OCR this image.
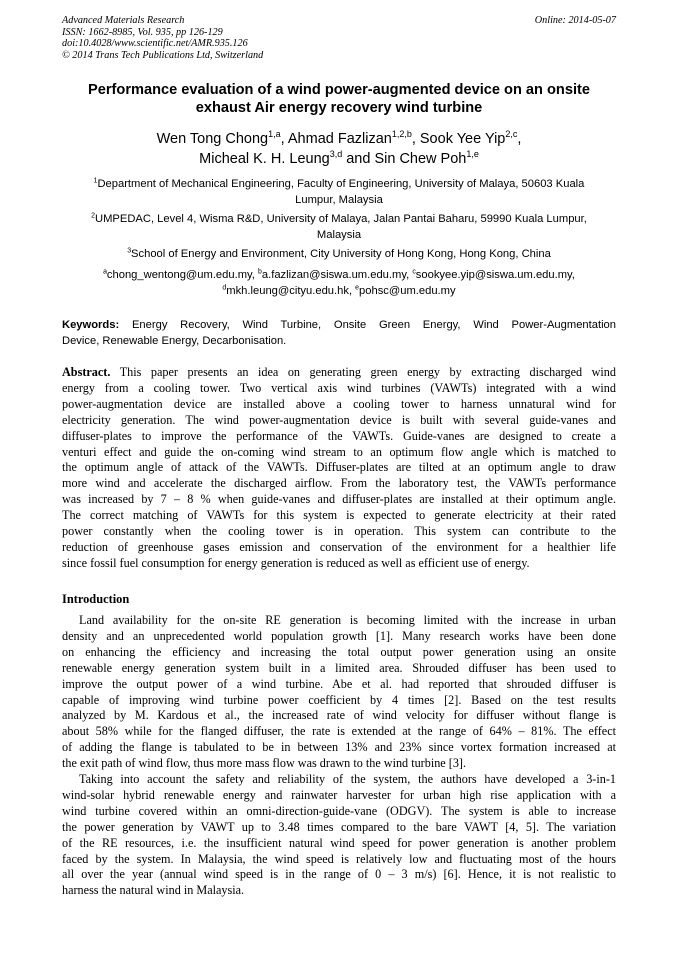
Advanced Materials Research
ISSN: 1662-8985, Vol. 935, pp 126-129
doi:10.4028/www.scientific.net/AMR.935.126
© 2014 Trans Tech Publications Ltd, Switzerland
Online: 2014-05-07
Performance evaluation of a wind power-augmented device on an onsite
exhaust Air energy recovery wind turbine
Wen Tong Chong$^{1,a}$, Ahmad Fazlizan$^{1,2,b}$, Sook Yee Yip$^{2,c}$,
Micheal K. H. Leung$^{3,d}$ and Sin Chew Poh$^{1,e}$
$^1$Department of Mechanical Engineering, Faculty of Engineering, University of Malaya, 50603 Kuala
Lumpur, Malaysia
$^2$UMPEDAC, Level 4, Wisma R&D, University of Malaya, Jalan Pantai Baharu, 59990 Kuala Lumpur,
Malaysia
$^3$School of Energy and Environment, City University of Hong Kong, Hong Kong, China
$^a$chong_wentong@um.edu.my, $^b$a.fazlizan@siswa.um.edu.my, $^c$sookyee.yip@siswa.um.edu.my,
$^d$mkh.leung@cityu.edu.hk, $^e$pohsc@um.edu.my
Keywords: Energy Recovery, Wind Turbine, Onsite Green Energy, Wind Power-Augmentation
Device, Renewable Energy, Decarbonisation.
Abstract. This paper presents an idea on generating green energy by extracting discharged wind
energy from a cooling tower. Two vertical axis wind turbines (VAWTs) integrated with a wind
power-augmentation device are installed above a cooling tower to harness unnatural wind for
electricity generation. The wind power-augmentation device is built with several guide-vanes and
diffuser-plates to improve the performance of the VAWTs. Guide-vanes are designed to create a
venturi effect and guide the on-coming wind stream to an optimum flow angle which is matched to
the optimum angle of attack of the VAWTs. Diffuser-plates are tilted at an optimum angle to draw
more wind and accelerate the discharged airflow. From the laboratory test, the VAWTs performance
was increased by 7 – 8 % when guide-vanes and diffuser-plates are installed at their optimum angle.
The correct matching of VAWTs for this system is expected to generate electricity at their rated
power constantly when the cooling tower is in operation. This system can contribute to the
reduction of greenhouse gases emission and conservation of the environment for a healthier life
since fossil fuel consumption for energy generation is reduced as well as efficient use of energy.
Introduction
Land availability for the on-site RE generation is becoming limited with the increase in urban
density and an unprecedented world population growth [1]. Many research works have been done
on enhancing the efficiency and increasing the total output power generation using an onsite
renewable energy generation system built in a limited area. Shrouded diffuser has been used to
improve the output power of a wind turbine. Abe et al. had reported that shrouded diffuser is
capable of improving wind turbine power coefficient by 4 times [2]. Based on the test results
analyzed by M. Kardous et al., the increased rate of wind velocity for diffuser without flange is
about 58% while for the flanged diffuser, the rate is extended at the range of 64% – 81%. The effect
of adding the flange is tabulated to be in between 13% and 23% since vortex formation increased at
the exit path of wind flow, thus more mass flow was drawn to the wind turbine [3].
Taking into account the safety and reliability of the system, the authors have developed a 3-in-1
wind-solar hybrid renewable energy and rainwater harvester for urban high rise application with a
wind turbine covered within an omni-direction-guide-vane (ODGV). The system is able to increase
the power generation by VAWT up to 3.48 times compared to the bare VAWT [4, 5]. The variation
of the RE resources, i.e. the insufficient natural wind speed for power generation is another problem
faced by the system. In Malaysia, the wind speed is relatively low and fluctuating most of the hours
all over the year (annual wind speed is in the range of 0 – 3 m/s) [6]. Hence, it is not realistic to
harness the natural wind in Malaysia.
